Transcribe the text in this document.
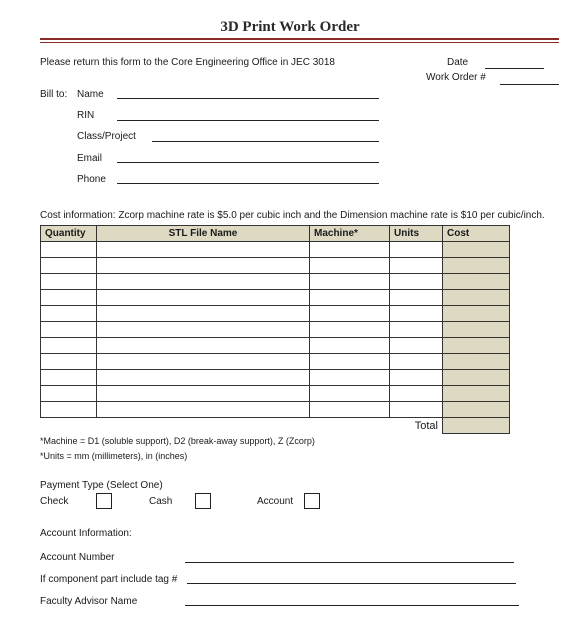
3D Print Work Order
Please return this form to the Core Engineering Office in JEC 3018	Date
Work Order #
Bill to: Name
RIN
Class/Project
Email
Phone
Cost information: Zcorp machine rate is $5.0 per cubic inch and the Dimension machine rate is $10 per cubic/inch.
Quantity	STL File Name	Machine*	Units	Cost

			Total	
*Machine = D1 (soluble support), D2 (break-away support), Z (Zcorp)
*Units = mm (millimeters), in (inches)
Payment Type (Select One)
Check	Cash	Account
Account Information:
Account Number
If component part include tag #
Faculty Advisor Name
